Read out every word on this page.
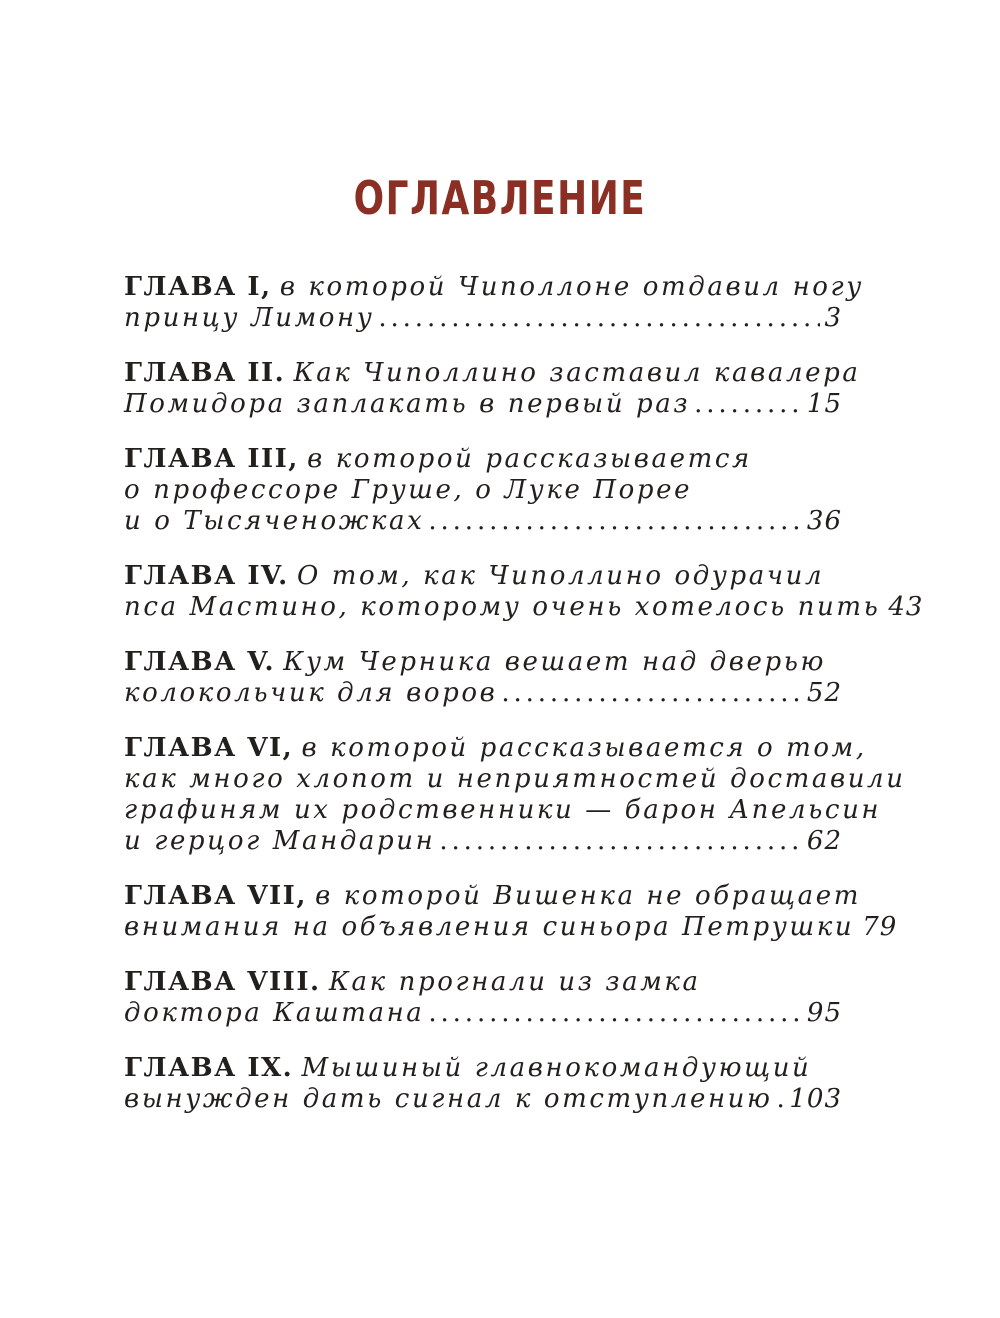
ОГЛАВЛЕНИЕ
ГЛАВА I, в которой Чиполлоне отдавил ногу
принцу Лимону . . .	3
ГЛАВА II. Как Чиполлино заставил кавалера
Помидора заплакать в первый раз . . .	15
ГЛАВА III, в которой рассказывается
о профессоре Груше, о Луке Порее
и о Тысяченожках . . .	36
ГЛАВА IV. О том, как Чиполлино одурачил
пса Мастино, которому очень хотелось пить 43
ГЛАВА V. Кум Черника вешает над дверью
колокольчик для воров . . .	52
ГЛАВА VI, в которой рассказывается о том,
как много хлопот и неприятностей доставили
графиням их родственники — барон Апельсин
и герцог Мандарин . . .	62
ГЛАВА VII, в которой Вишенка не обращает
внимания на объявления синьора Петрушки 79
ГЛАВА VIII. Как прогнали из замка
доктора Каштана . . .	95
ГЛАВА IX. Мышиный главнокомандующий
вынужден дать сигнал к отступлению . . . 103
